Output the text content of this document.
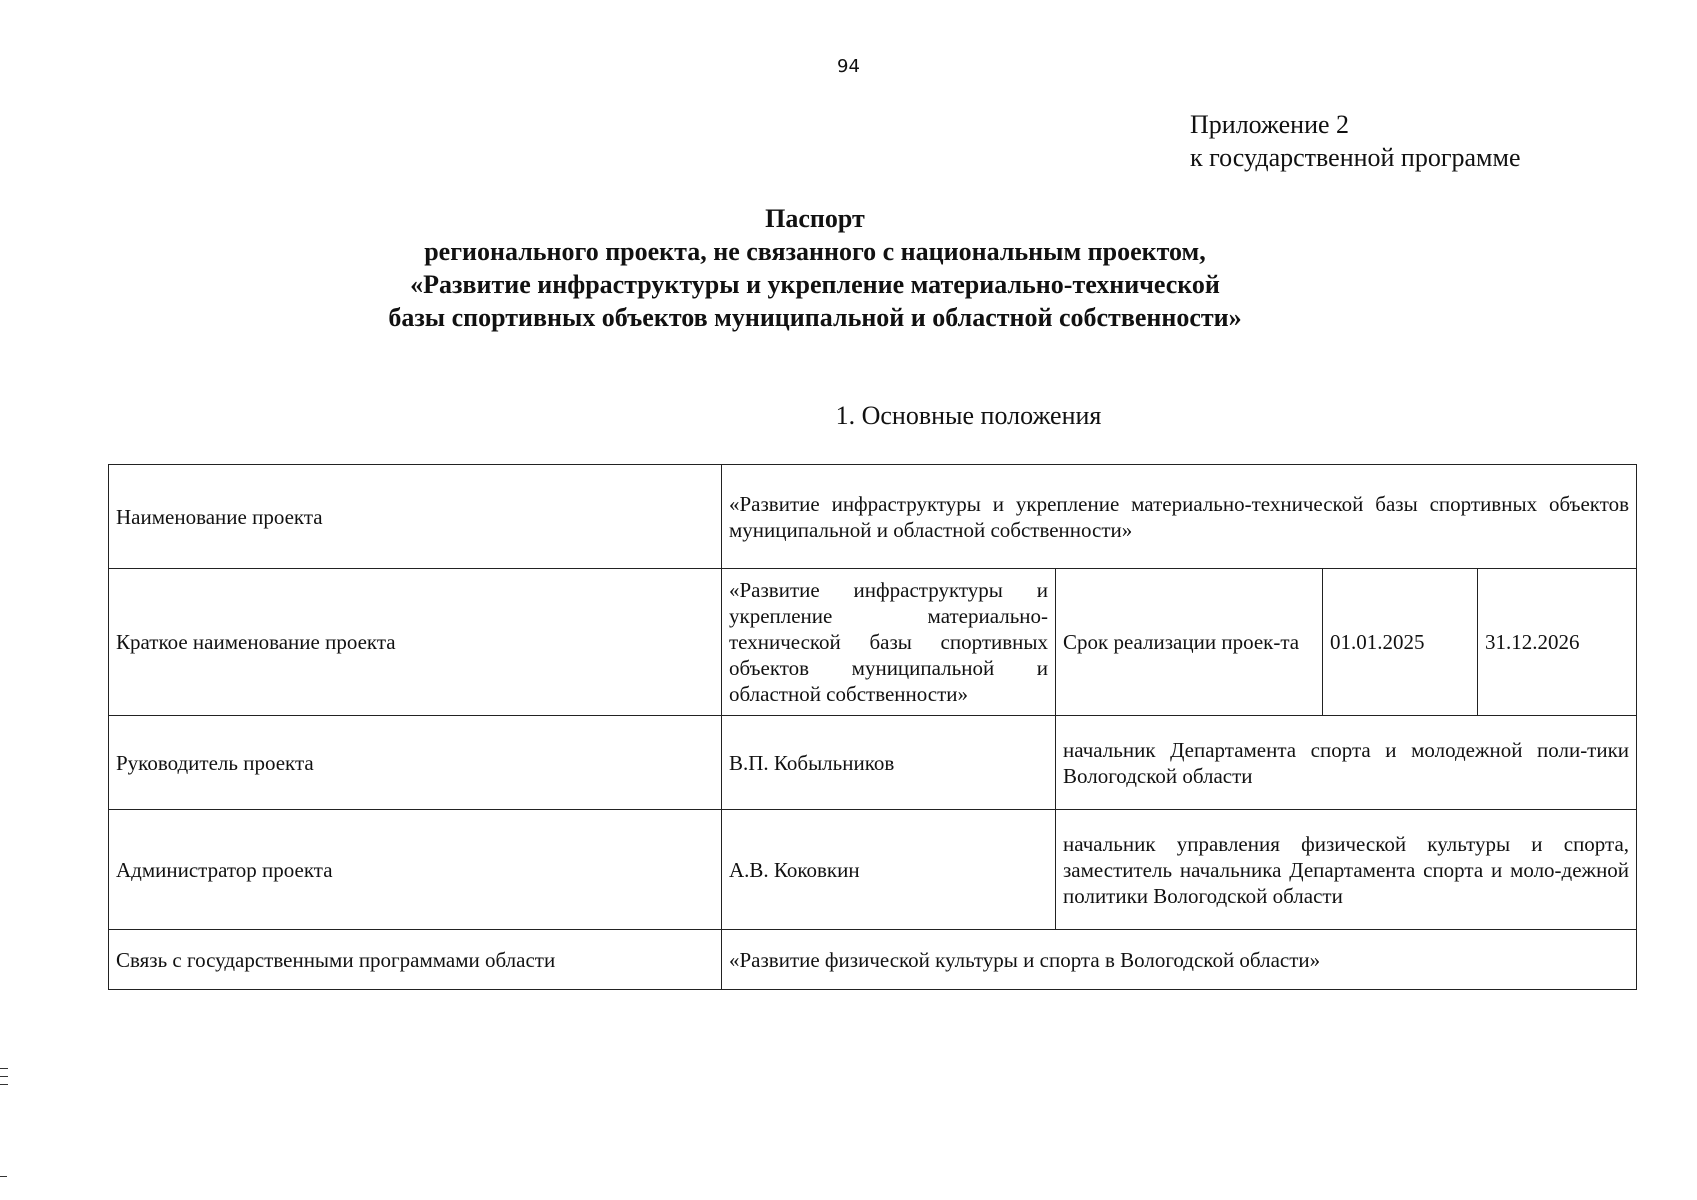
94
Приложение 2
к государственной программе
Паспорт
регионального проекта, не связанного с национальным проектом,
«Развитие инфраструктуры и укрепление материально-технической
базы спортивных объектов муниципальной и областной собственности»
1. Основные положения
Наименование проекта	«Развитие инфраструктуры и укрепление материально-технической базы спортивных объектов муниципальной и областной собственности»			
Краткое наименование проекта	«Развитие инфраструктуры и укрепление материально-технической базы спортивных объектов муниципальной и областной собственности»	Срок реализации проек-та	01.01.2025	31.12.2026
Руководитель проекта	В.П. Кобыльников	начальник Департамента спорта и молодежной поли-тики Вологодской области		
Администратор проекта	А.В. Коковкин	начальник управления физической культуры и спорта, заместитель начальника Департамента спорта и моло-дежной политики Вологодской области		
Связь с государственными программами области	«Развитие физической культуры и спорта в Вологодской области»			
